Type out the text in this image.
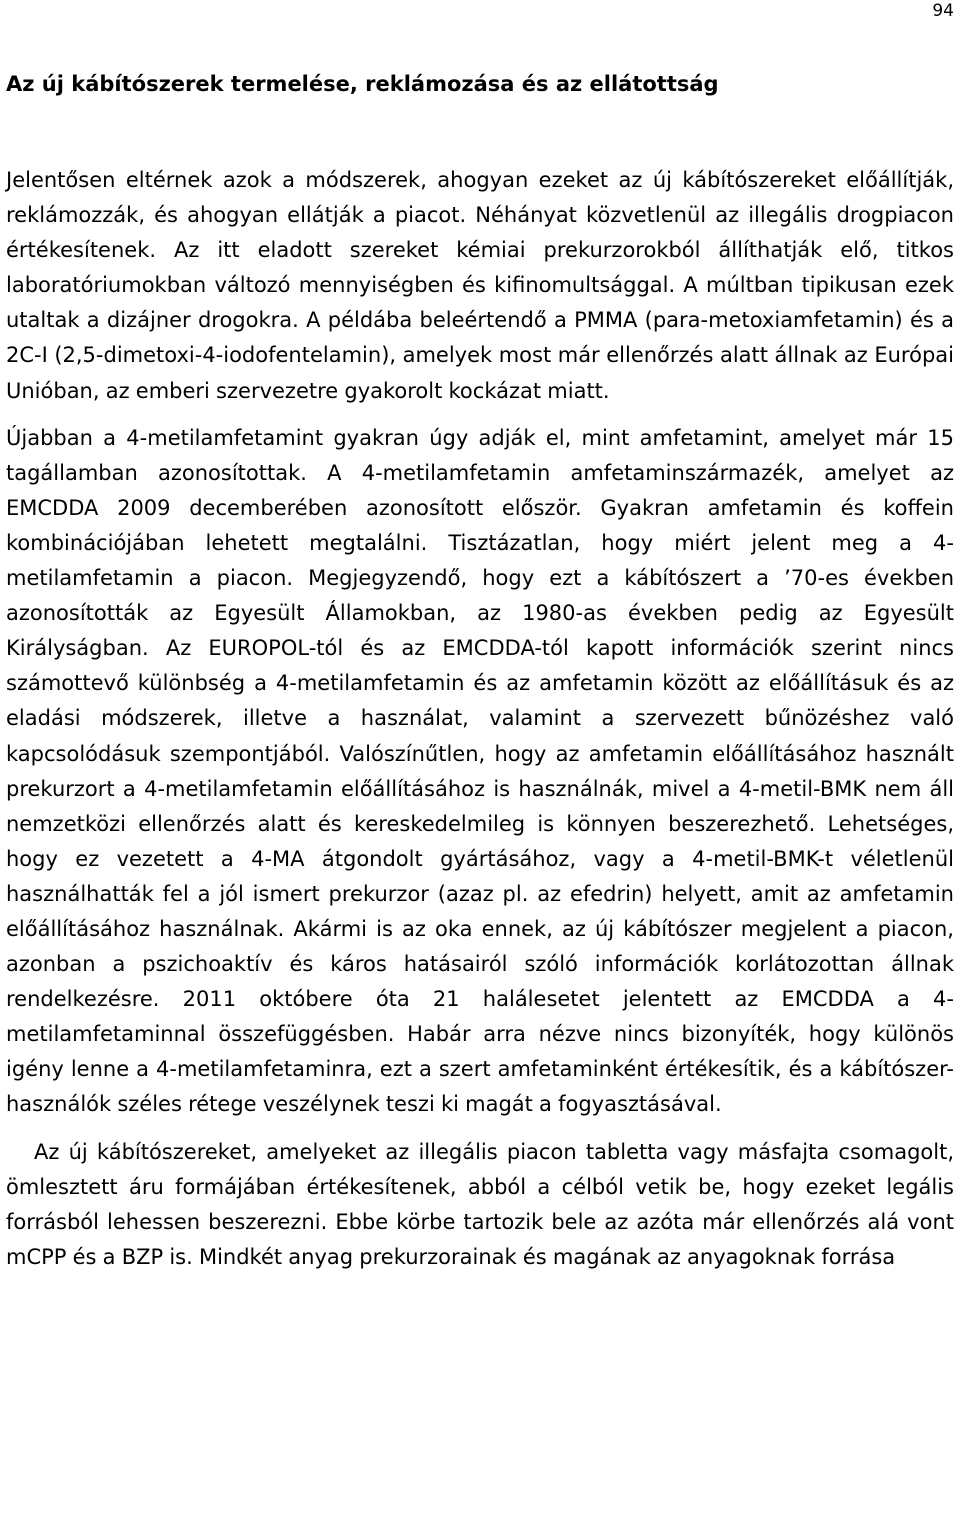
94
Az új kábítószerek termelése, reklámozása és az ellátottság

Jelentősen eltérnek azok a módszerek, ahogyan ezeket az új kábítószereket előállítják, reklámozzák, és ahogyan ellátják a piacot. Néhányat közvetlenül az illegális drogpiacon értékesítenek. Az itt eladott szereket kémiai prekurzorokból állíthatják elő, titkos laboratóriumokban változó mennyiségben és kifinomultsággal. A múltban tipikusan ezek utaltak a dizájner drogokra. A példába beleértendő a PMMA (para-metoxiamfetamin) és a 2C-I (2,5-dimetoxi-4-iodofentelamin), amelyek most már ellenőrzés alatt állnak az Európai Unióban, az emberi szervezetre gyakorolt kockázat miatt.

Újabban a 4-metilamfetamint gyakran úgy adják el, mint amfetamint, amelyet már 15 tagállamban azonosítottak. A 4-metilamfetamin amfetaminszármazék, amelyet az EMCDDA 2009 decemberében azonosított először. Gyakran amfetamin és koffein kombinációjában lehetett megtalálni. Tisztázatlan, hogy miért jelent meg a 4-metilamfetamin a piacon. Megjegyzendő, hogy ezt a kábítószert a ’70-es években azonosították az Egyesült Államokban, az 1980-as években pedig az Egyesült Királyságban. Az EUROPOL-tól és az EMCDDA-tól kapott információk szerint nincs számottevő különbség a 4-metilamfetamin és az amfetamin között az előállításuk és az eladási módszerek, illetve a használat, valamint a szervezett bűnözéshez való kapcsolódásuk szempontjából. Valószínűtlen, hogy az amfetamin előállításához használt prekurzort a 4-metilamfetamin előállításához is használnák, mivel a 4-metil-BMK nem áll nemzetközi ellenőrzés alatt és kereskedelmileg is könnyen beszerezhető. Lehetséges, hogy ez vezetett a 4-MA átgondolt gyártásához, vagy a 4-metil-BMK-t véletlenül használhatták fel a jól ismert prekurzor (azaz pl. az efedrin) helyett, amit az amfetamin előállításához használnak. Akármi is az oka ennek, az új kábítószer megjelent a piacon, azonban a pszichoaktív és káros hatásairól szóló információk korlátozottan állnak rendelkezésre. 2011 októbere óta 21 halálesetet jelentett az EMCDDA a 4-metilamfetaminnal összefüggésben. Habár arra nézve nincs bizonyíték, hogy különös igény lenne a 4-metilamfetaminra, ezt a szert amfetaminként értékesítik, és a kábítószer-használók széles rétege veszélynek teszi ki magát a fogyasztásával.

Az új kábítószereket, amelyeket az illegális piacon tabletta vagy másfajta csomagolt, ömlesztett áru formájában értékesítenek, abból a célból vetik be, hogy ezeket legális forrásból lehessen beszerezni. Ebbe körbe tartozik bele az azóta már ellenőrzés alá vont mCPP és a BZP is. Mindkét anyag prekurzorainak és magának az anyagoknak forrása
